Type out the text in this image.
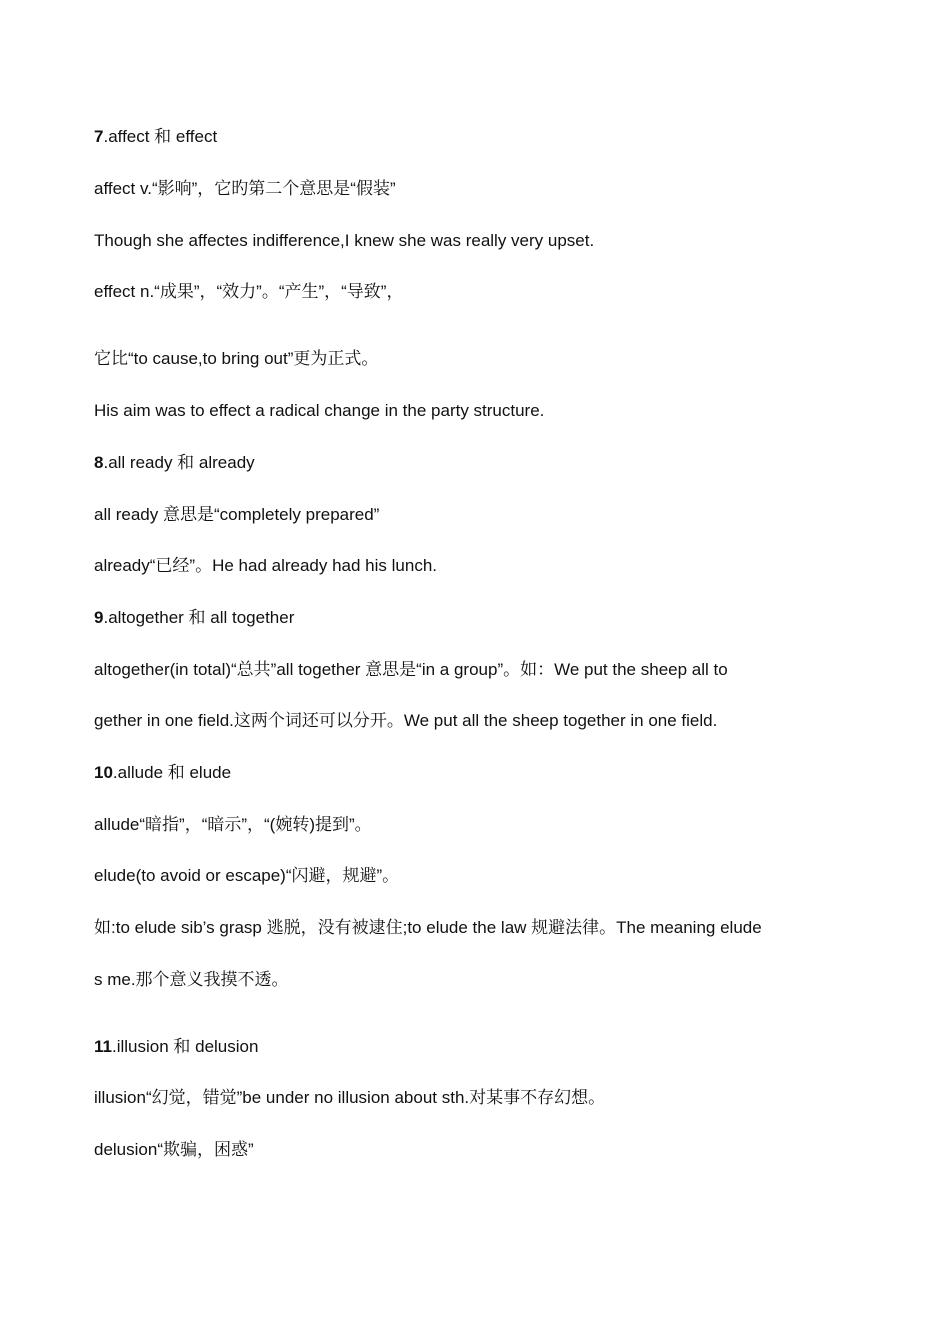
7.affect 和 effect
affect v.“影响”，它旳第二个意思是“假装”
Though she affectes indifference,I knew she was really very upset.
effect n.“成果”，“效力”。“产生”，“导致”，
它比“to cause,to bring out”更为正式。
His aim was to effect a radical change in the party structure.
8.all ready 和 already
all ready 意思是“completely prepared”
already“已经”。He had already had his lunch.
9.altogether 和 all together
altogether(in total)“总共”all together 意思是“in a group”。如：We put the sheep all to
gether in one field.这两个词还可以分开。We put all the sheep together in one field.
10.allude 和 elude
allude“暗指”，“暗示”，“(婉转)提到”。
elude(to avoid or escape)“闪避，规避”。
如:to elude sib’s grasp 逃脱，没有被逮住;to elude the law 规避法律。The meaning elude
s me.那个意义我摸不透。
11.illusion 和 delusion
illusion“幻觉，错觉”be under no illusion about sth.对某事不存幻想。
delusion“欺骗，困惑”
